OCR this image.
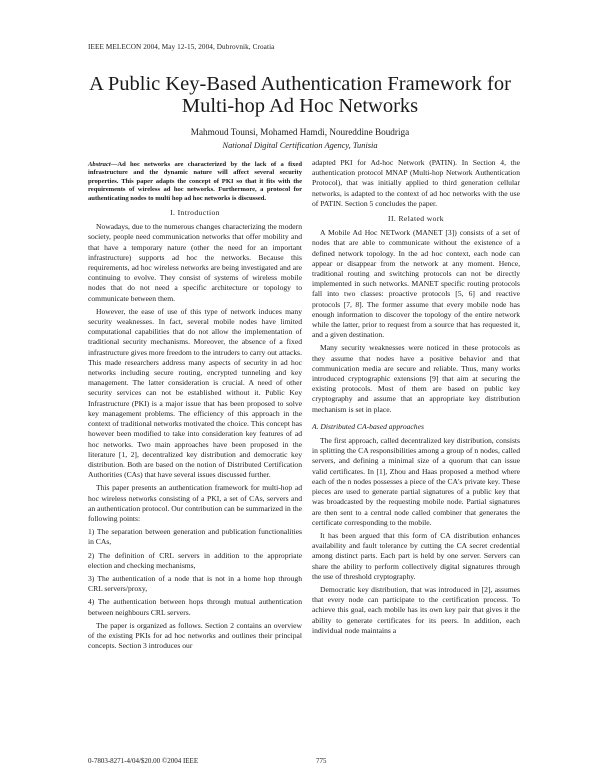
IEEE MELECON 2004, May 12-15, 2004, Dubrovnik, Croatia
A Public Key-Based Authentication Framework for
Multi-hop Ad Hoc Networks
Mahmoud Tounsi, Mohamed Hamdi, Noureddine Boudriga
National Digital Certification Agency, Tunisia

Abstract—Ad hoc networks are characterized by the lack of a fixed infrastructure and the dynamic nature will affect several security properties. This paper adapts the concept of PKI so that it fits with the requirements of wireless ad hoc networks. Furthermore, a protocol for authenticating nodes to multi hop ad hoc networks is discussed.

I. Introduction

Nowadays, due to the numerous changes characterizing the modern society, people need communication networks that offer mobility and that have a temporary nature (other the need for an important infrastructure) supports ad hoc the networks. Because this requirements, ad hoc wireless networks are being investigated and are continuing to evolve. They consist of systems of wireless mobile nodes that do not need a specific architecture or topology to communicate between them.

However, the ease of use of this type of network induces many security weaknesses. In fact, several mobile nodes have limited computational capabilities that do not allow the implementation of traditional security mechanisms. Moreover, the absence of a fixed infrastructure gives more freedom to the intruders to carry out attacks. This made researchers address many aspects of security in ad hoc networks including secure routing, encrypted tunneling and key management. The latter consideration is crucial. A need of other security services can not be established without it. Public Key Infrastructure (PKI) is a major issue that has been proposed to solve key management problems. The efficiency of this approach in the context of traditional networks motivated the choice. This concept has however been modified to take into consideration key features of ad hoc networks. Two main approaches have been proposed in the literature [1, 2], decentralized key distribution and democratic key distribution. Both are based on the notion of Distributed Certification Authorities (CAs) that have several issues discussed further.

This paper presents an authentication framework for multi-hop ad hoc wireless networks consisting of a PKI, a set of CAs, servers and an authentication protocol. Our contribution can be summarized in the following points:

1) The separation between generation and publication functionalities in CAs,

2) The definition of CRL servers in addition to the appropriate election and checking mechanisms,

3) The authentication of a node that is not in a home hop through CRL servers/proxy,

4) The authentication between hops through mutual authentication between neighbours CRL servers.

The paper is organized as follows. Section 2 contains an overview of the existing PKIs for ad hoc networks and outlines their principal concepts. Section 3 introduces our

adapted PKI for Ad-hoc Network (PATIN). In Section 4, the authentication protocol MNAP (Multi-hop Network Authentication Protocol), that was initially applied to third generation cellular networks, is adapted to the context of ad hoc networks with the use of PATIN. Section 5 concludes the paper.

II. Related work

A Mobile Ad Hoc NETwork (MANET [3]) consists of a set of nodes that are able to communicate without the existence of a defined network topology. In the ad hoc context, each node can appear or disappear from the network at any moment. Hence, traditional routing and switching protocols can not be directly implemented in such networks. MANET specific routing protocols fall into two classes: proactive protocols [5, 6] and reactive protocols [7, 8]. The former assume that every mobile node has enough information to discover the topology of the entire network while the latter, prior to request from a source that has requested it, and a given destination.

Many security weaknesses were noticed in these protocols as they assume that nodes have a positive behavior and that communication media are secure and reliable. Thus, many works introduced cryptographic extensions [9] that aim at securing the existing protocols. Most of them are based on public key cryptography and assume that an appropriate key distribution mechanism is set in place.

A. Distributed CA-based approaches

The first approach, called decentralized key distribution, consists in splitting the CA responsibilities among a group of n nodes, called servers, and defining a minimal size of a quorum that can issue valid certificates. In [1], Zhou and Haas proposed a method where each of the n nodes possesses a piece of the CA's private key. These pieces are used to generate partial signatures of a public key that was broadcasted by the requesting mobile node. Partial signatures are then sent to a central node called combiner that generates the certificate corresponding to the mobile.

It has been argued that this form of CA distribution enhances availability and fault tolerance by cutting the CA secret credential among distinct parts. Each part is held by one server. Servers can share the ability to perform collectively digital signatures through the use of threshold cryptography.

Democratic key distribution, that was introduced in [2], assumes that every node can participate to the certification process. To achieve this goal, each mobile has its own key pair that gives it the ability to generate certificates for its peers. In addition, each individual node maintains a

0-7803-8271-4/04/$20.00 ©2004 IEEE	775
